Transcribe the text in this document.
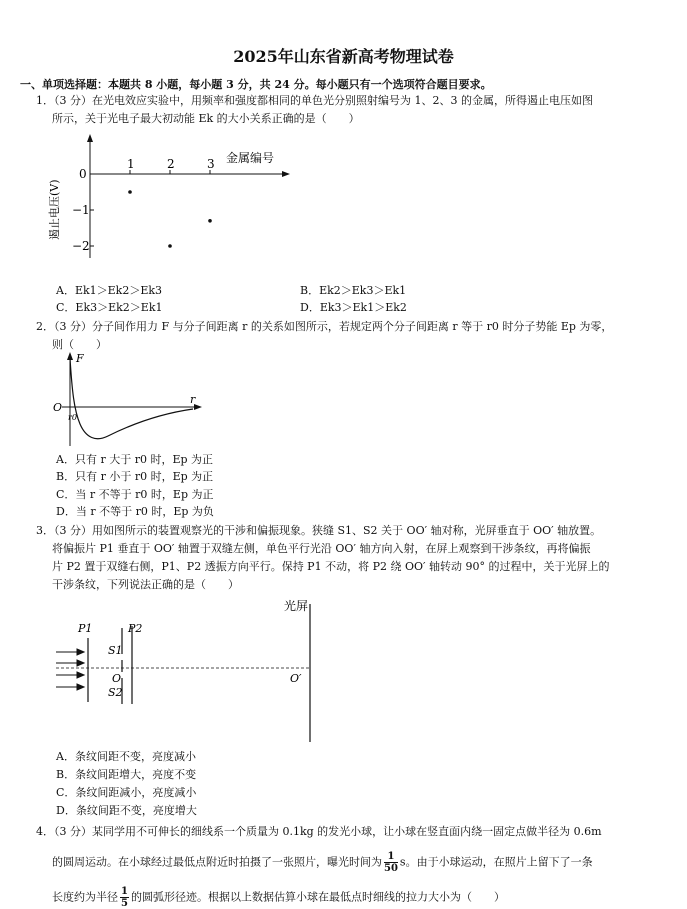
2025年山东省新高考物理试卷
一、单项选择题：本题共 8 小题，每小题 3 分，共 24 分。每小题只有一个选项符合题目要求。
1．（3 分）在光电效应实验中，用频率和强度都相同的单色光分别照射编号为 1、2、3 的金属，所得遏止电压如图
所示，关于光电子最大初动能 Ek 的大小关系正确的是（　　）
1	2	3
0
−1
−2
金属编号
遏止电压(V)
A．Ek1＞Ek2＞Ek3	B．Ek2＞Ek3＞Ek1
C．Ek3＞Ek2＞Ek1	D．Ek3＞Ek1＞Ek2
2．（3 分）分子间作用力 F 与分子间距离 r 的关系如图所示，若规定两个分子间距离 r 等于 r0 时分子势能 Ep 为零，
则（　　）
F
r
O
r0
A．只有 r 大于 r0 时，Ep 为正
B．只有 r 小于 r0 时，Ep 为正
C．当 r 不等于 r0 时，Ep 为正
D．当 r 不等于 r0 时，Ep 为负
3．（3 分）用如图所示的装置观察光的干涉和偏振现象。狭缝 S1、S2 关于 OO′ 轴对称，光屏垂直于 OO′ 轴放置。
将偏振片 P1 垂直于 OO′ 轴置于双缝左侧，单色平行光沿 OO′ 轴方向入射，在屏上观察到干涉条纹，再将偏振
片 P2 置于双缝右侧，P1、P2 透振方向平行。保持 P1 不动，将 P2 绕 OO′ 轴转动 90° 的过程中，关于光屏上的
干涉条纹，下列说法正确的是（　　）
光屏
P1	P2
S1
O
S2
O′
A．条纹间距不变，亮度减小
B．条纹间距增大，亮度不变
C．条纹间距减小，亮度减小
D．条纹间距不变，亮度增大
4．（3 分）某同学用不可伸长的细线系一个质量为 0.1kg 的发光小球，让小球在竖直面内绕一固定点做半径为 0.6m
的圆周运动。在小球经过最低点附近时拍摄了一张照片，曝光时间为 $\frac{1}{50}$ s。由于小球运动，在照片上留下了一条
长度约为半径 $\frac{1}{5}$ 的圆弧形径迹。根据以上数据估算小球在最低点时细线的拉力大小为（　　）
